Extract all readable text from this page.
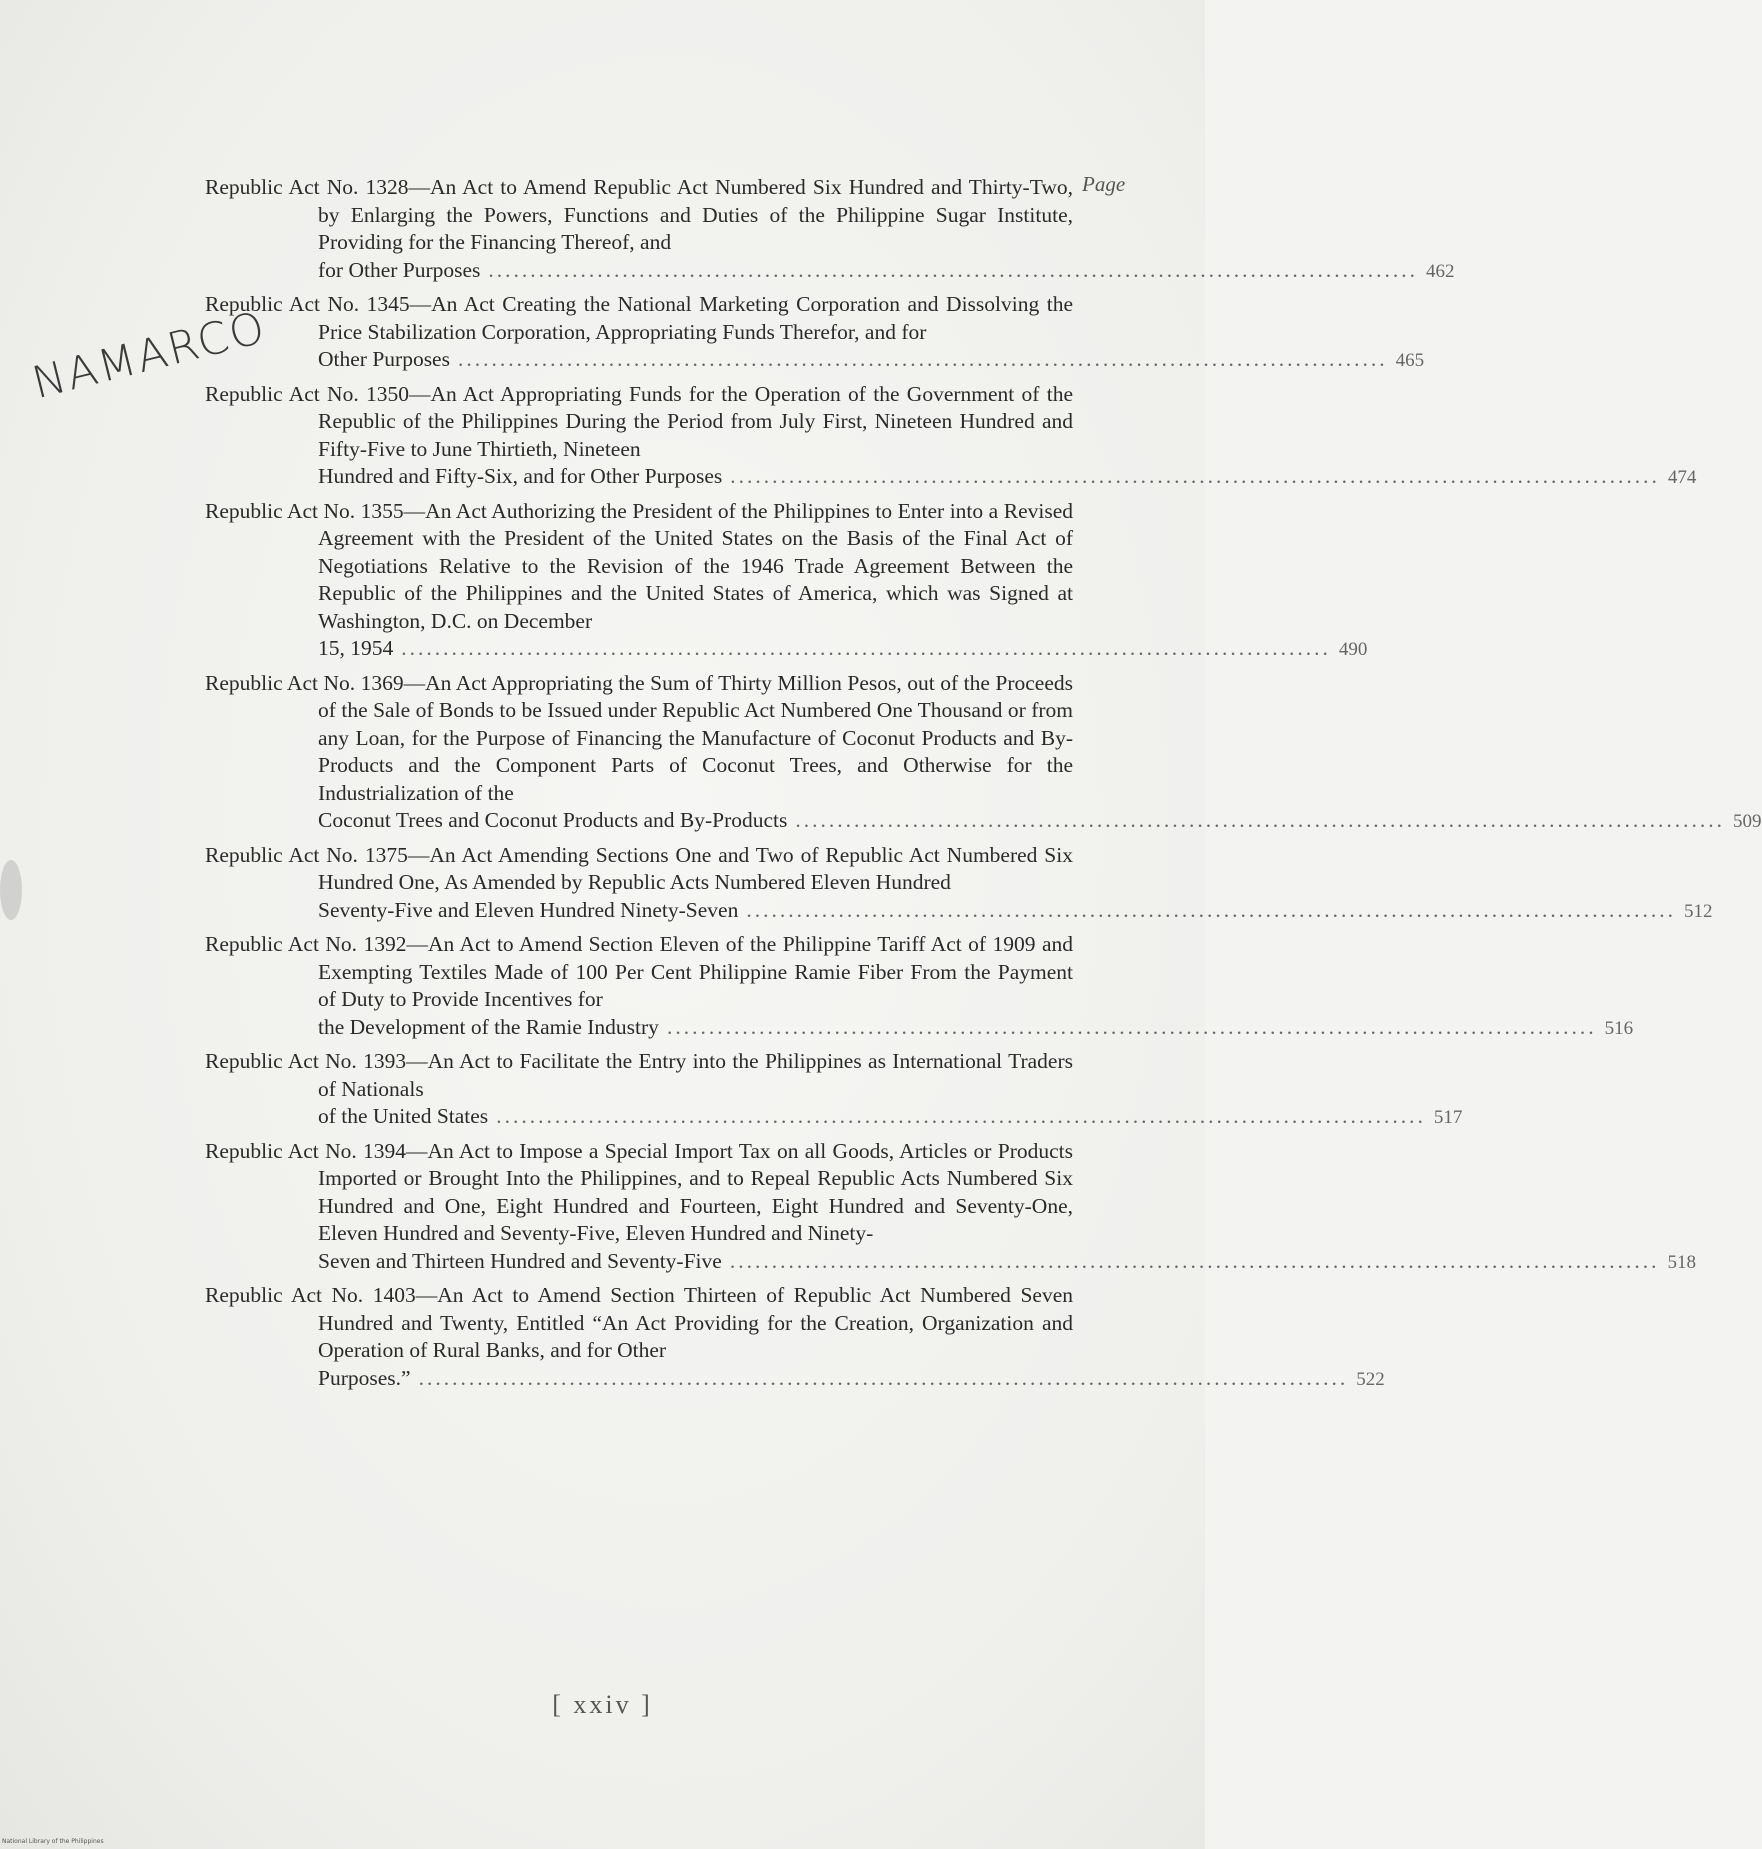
Page
NAMARCO
Republic Act No. 1328—An Act to Amend Republic Act Numbered Six Hundred and Thirty-Two, by Enlarging the Powers, Functions and Duties of the Philippine Sugar Institute, Providing for the Financing Thereof, and
for Other Purposes ............................................................................................................... 462
Republic Act No. 1345—An Act Creating the National Marketing Corporation and Dissolving the Price Stabilization Corporation, Appropriating Funds Therefor, and for
Other Purposes ............................................................................................................... 465
Republic Act No. 1350—An Act Appropriating Funds for the Operation of the Government of the Republic of the Philippines During the Period from July First, Nineteen Hundred and Fifty-Five to June Thirtieth, Nineteen
Hundred and Fifty-Six, and for Other Purposes ............................................................................................................... 474
Republic Act No. 1355—An Act Authorizing the President of the Philippines to Enter into a Revised Agreement with the President of the United States on the Basis of the Final Act of Negotiations Relative to the Revision of the 1946 Trade Agreement Between the Republic of the Philippines and the United States of America, which was Signed at Washington, D.C. on December
15, 1954 ............................................................................................................... 490
Republic Act No. 1369—An Act Appropriating the Sum of Thirty Million Pesos, out of the Proceeds of the Sale of Bonds to be Issued under Republic Act Numbered One Thousand or from any Loan, for the Purpose of Financing the Manufacture of Coconut Products and By-Products and the Component Parts of Coconut Trees, and Otherwise for the Industrialization of the
Coconut Trees and Coconut Products and By-Products ............................................................................................................... 509
Republic Act No. 1375—An Act Amending Sections One and Two of Republic Act Numbered Six Hundred One, As Amended by Republic Acts Numbered Eleven Hundred
Seventy-Five and Eleven Hundred Ninety-Seven ............................................................................................................... 512
Republic Act No. 1392—An Act to Amend Section Eleven of the Philippine Tariff Act of 1909 and Exempting Textiles Made of 100 Per Cent Philippine Ramie Fiber From the Payment of Duty to Provide Incentives for
the Development of the Ramie Industry ............................................................................................................... 516
Republic Act No. 1393—An Act to Facilitate the Entry into the Philippines as International Traders of Nationals
of the United States ............................................................................................................... 517
Republic Act No. 1394—An Act to Impose a Special Import Tax on all Goods, Articles or Products Imported or Brought Into the Philippines, and to Repeal Republic Acts Numbered Six Hundred and One, Eight Hundred and Fourteen, Eight Hundred and Seventy-One, Eleven Hundred and Seventy-Five, Eleven Hundred and Ninety-
Seven and Thirteen Hundred and Seventy-Five ............................................................................................................... 518
Republic Act No. 1403—An Act to Amend Section Thirteen of Republic Act Numbered Seven Hundred and Twenty, Entitled “An Act Providing for the Creation, Organization and Operation of Rural Banks, and for Other
Purposes.” ............................................................................................................... 522
[ xxiv ]
National Library of the Philippines
